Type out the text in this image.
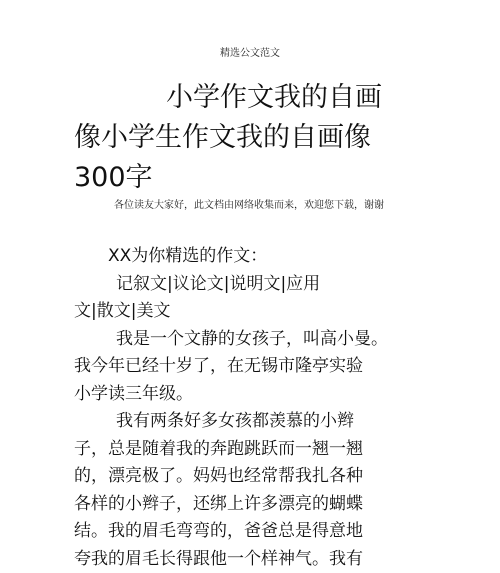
精选公文范文
小学作文我的自画
像小学生作文我的自画像
300字
各位读友大家好，此文档由网络收集而来，欢迎您下载，谢谢
XX为你精选的作文：
记叙文|议论文|说明文|应用
文|散文|美文
我是一个文静的女孩子，叫高小曼。
我今年已经十岁了，在无锡市隆亭实验
小学读三年级。
我有两条好多女孩都羡慕的小辫
子，总是随着我的奔跑跳跃而一翘一翘
的，漂亮极了。妈妈也经常帮我扎各种
各样的小辫子，还绑上许多漂亮的蝴蝶
结。我的眉毛弯弯的，爸爸总是得意地
夸我的眉毛长得跟他一个样神气。我有
